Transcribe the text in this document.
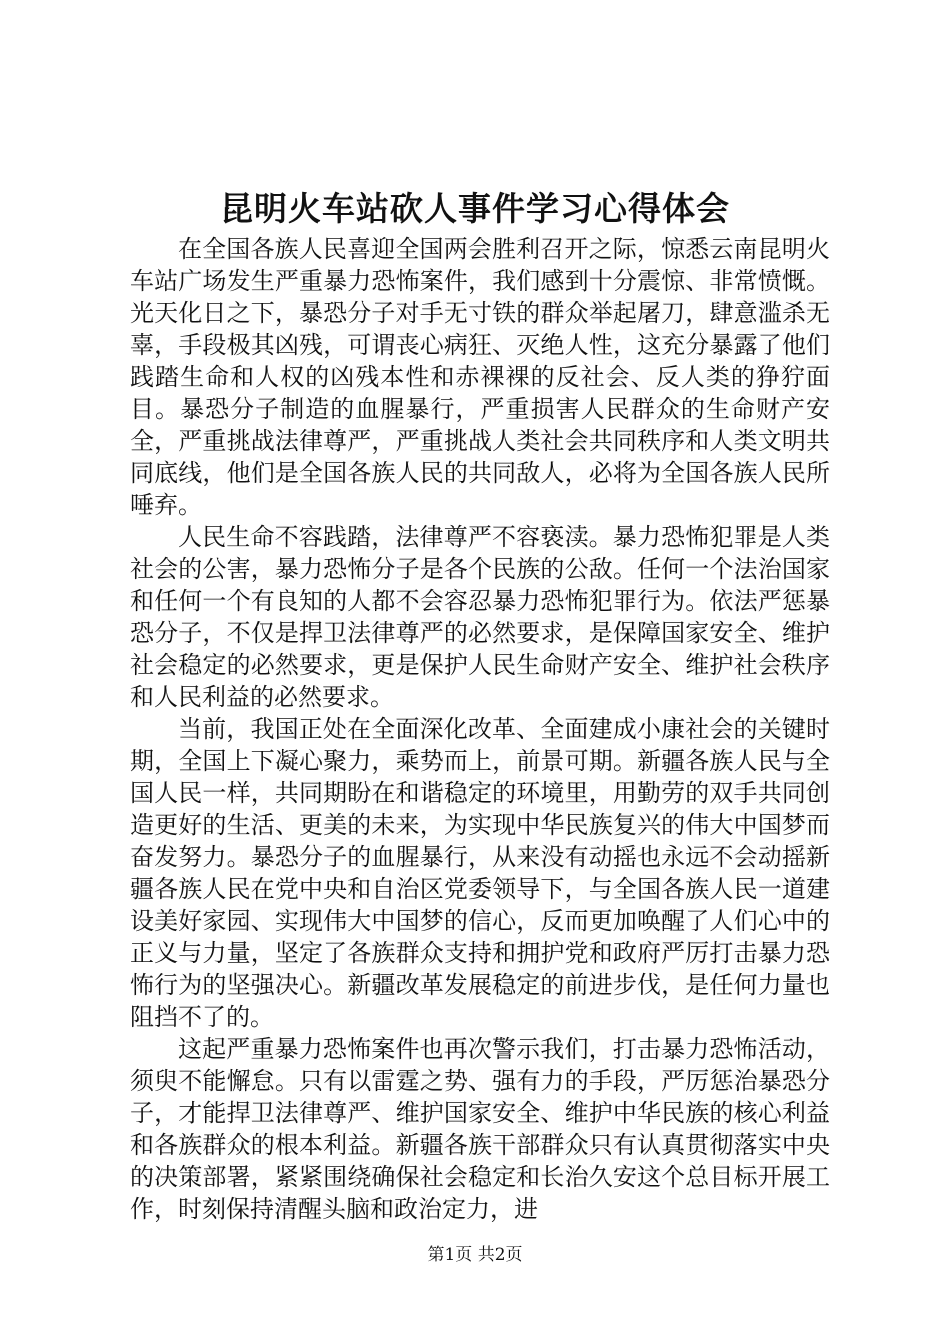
昆明火车站砍人事件学习心得体会

在全国各族人民喜迎全国两会胜利召开之际，惊悉云南昆明火车站广场发生严重暴力恐怖案件，我们感到十分震惊、非常愤慨。光天化日之下，暴恐分子对手无寸铁的群众举起屠刀，肆意滥杀无辜，手段极其凶残，可谓丧心病狂、灭绝人性，这充分暴露了他们践踏生命和人权的凶残本性和赤裸裸的反社会、反人类的狰狞面目。暴恐分子制造的血腥暴行，严重损害人民群众的生命财产安全，严重挑战法律尊严，严重挑战人类社会共同秩序和人类文明共同底线，他们是全国各族人民的共同敌人，必将为全国各族人民所唾弃。

人民生命不容践踏，法律尊严不容亵渎。暴力恐怖犯罪是人类社会的公害，暴力恐怖分子是各个民族的公敌。任何一个法治国家和任何一个有良知的人都不会容忍暴力恐怖犯罪行为。依法严惩暴恐分子，不仅是捍卫法律尊严的必然要求，是保障国家安全、维护社会稳定的必然要求，更是保护人民生命财产安全、维护社会秩序和人民利益的必然要求。

当前，我国正处在全面深化改革、全面建成小康社会的关键时期，全国上下凝心聚力，乘势而上，前景可期。新疆各族人民与全国人民一样，共同期盼在和谐稳定的环境里，用勤劳的双手共同创造更好的生活、更美的未来，为实现中华民族复兴的伟大中国梦而奋发努力。暴恐分子的血腥暴行，从来没有动摇也永远不会动摇新疆各族人民在党中央和自治区党委领导下，与全国各族人民一道建设美好家园、实现伟大中国梦的信心，反而更加唤醒了人们心中的正义与力量，坚定了各族群众支持和拥护党和政府严厉打击暴力恐怖行为的坚强决心。新疆改革发展稳定的前进步伐，是任何力量也阻挡不了的。

这起严重暴力恐怖案件也再次警示我们，打击暴力恐怖活动，须臾不能懈怠。只有以雷霆之势、强有力的手段，严厉惩治暴恐分子，才能捍卫法律尊严、维护国家安全、维护中华民族的核心利益和各族群众的根本利益。新疆各族干部群众只有认真贯彻落实中央的决策部署，紧紧围绕确保社会稳定和长治久安这个总目标开展工作，时刻保持清醒头脑和政治定力，进

第1页 共2页
